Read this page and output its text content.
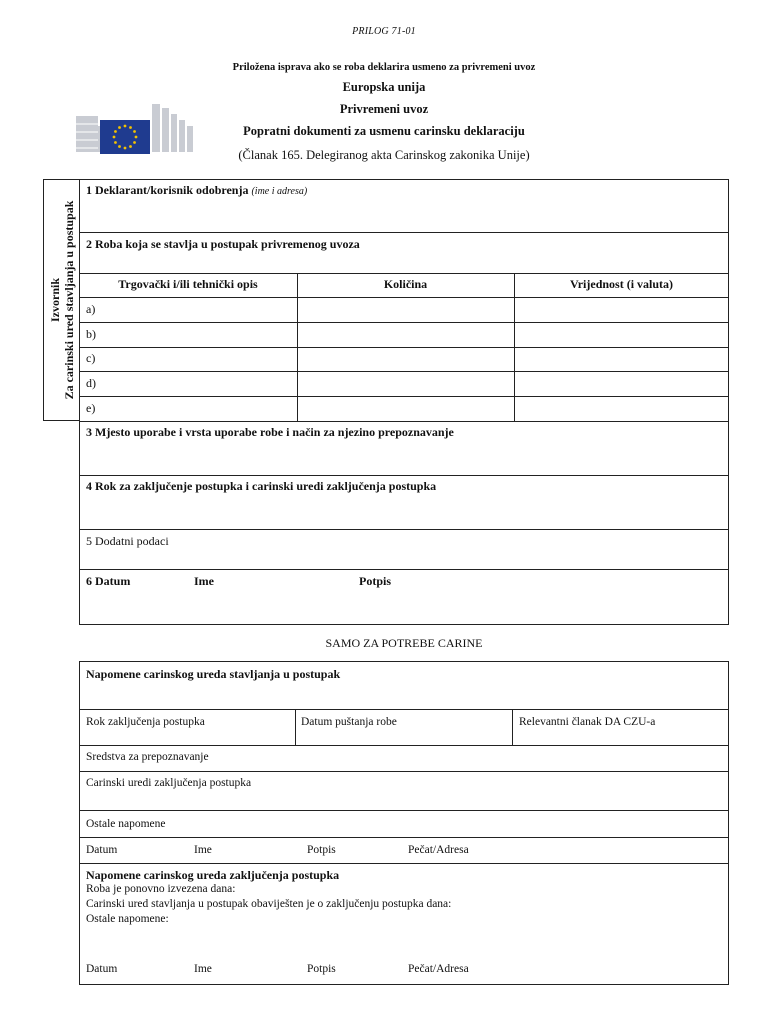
PRILOG 71-01
Priložena isprava ako se roba deklarira usmeno za privremeni uvoz
Europska unija
Privremeni uvoz
Popratni dokumenti za usmenu carinsku deklaraciju
(Članak 165. Delegiranog akta Carinskog zakonika Unije)
Izvornik Za carinski ured stavljanja u postupak
1 Deklarant/korisnik odobrenja (ime i adresa)
2 Roba koja se stavlja u postupak privremenog uvoza
Trgovački i/ili tehnički opis	Količina	Vrijednost (i valuta)
a)
b)
c)
d)
e)
3 Mjesto uporabe i vrsta uporabe robe i način za njezino prepoznavanje
4 Rok za zaključenje postupka i carinski uredi zaključenja postupka
5 Dodatni podaci
6 Datum	Ime	Potpis
SAMO ZA POTREBE CARINE
Napomene carinskog ureda stavljanja u postupak
Rok zaključenja postupka	Datum puštanja robe	Relevantni članak DA CZU-a
Sredstva za prepoznavanje
Carinski uredi zaključenja postupka
Ostale napomene
Datum	Ime	Potpis	Pečat/Adresa
Napomene carinskog ureda zaključenja postupka
Roba je ponovno izvezena dana:
Carinski ured stavljanja u postupak obaviješten je o zaključenju postupka dana:
Ostale napomene:
Datum	Ime	Potpis	Pečat/Adresa
